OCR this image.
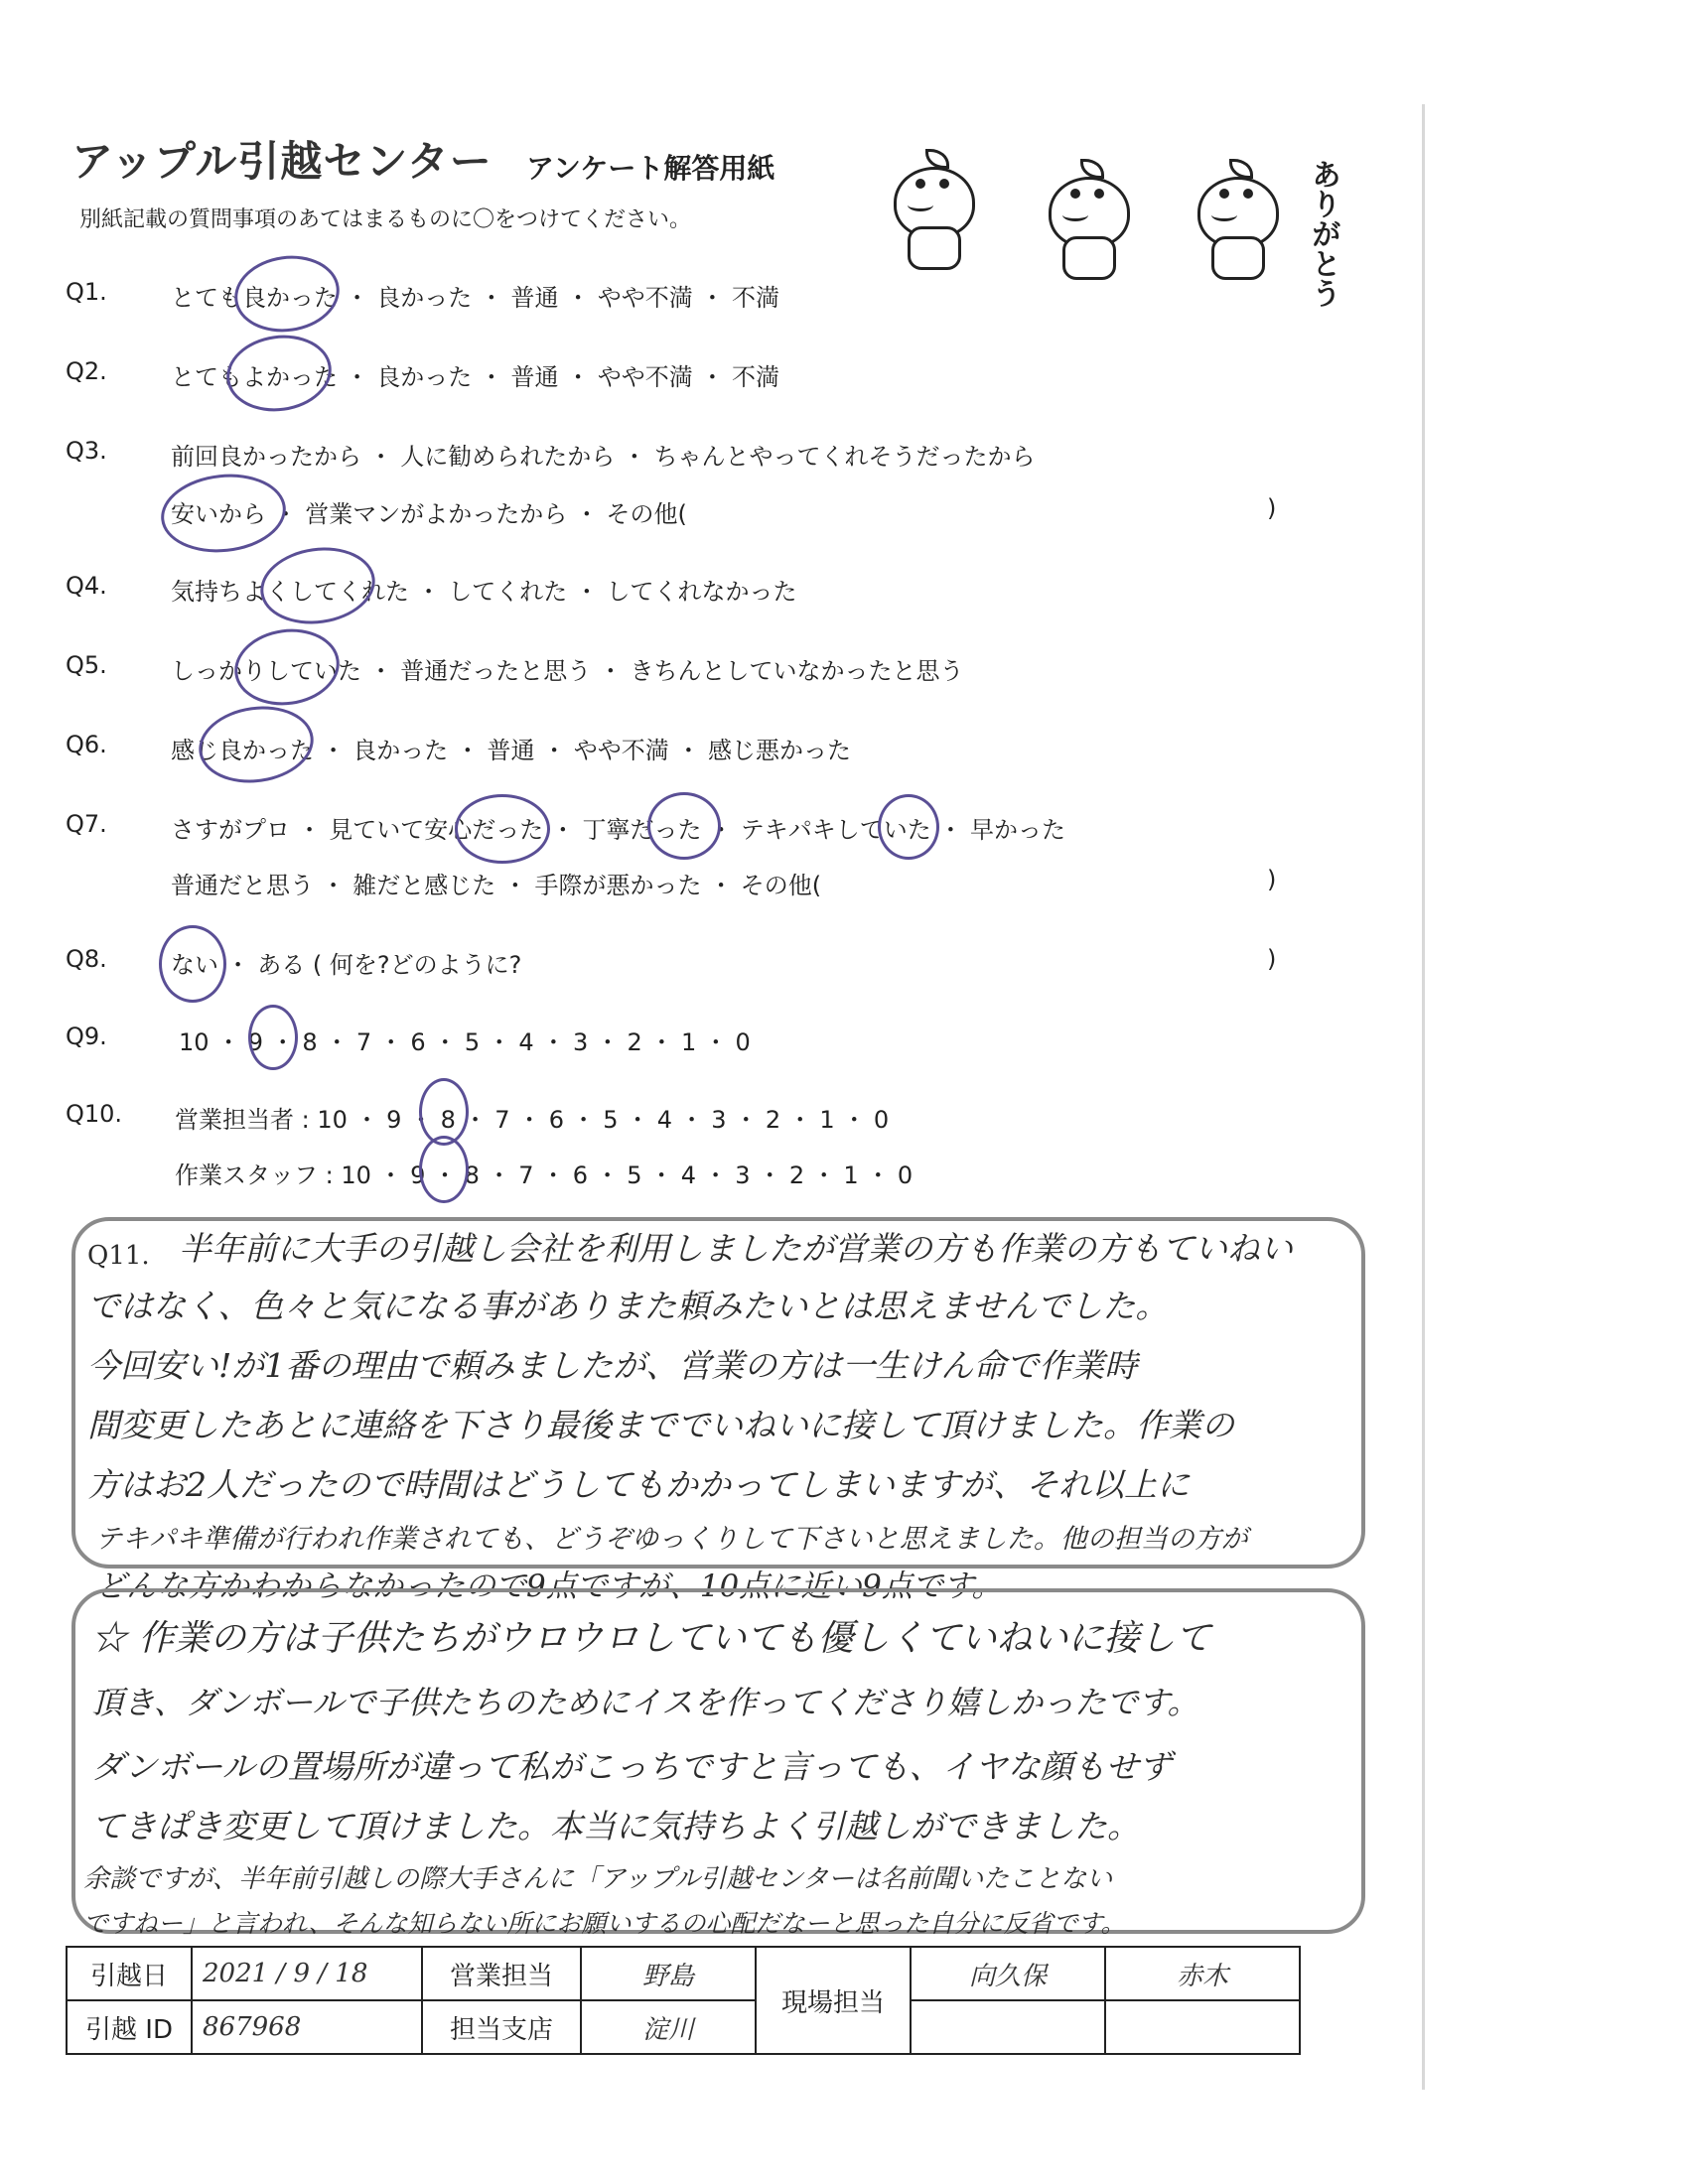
アップル引越センター アンケート解答用紙
別紙記載の質問事項のあてはまるものに〇をつけてください。	ありがとう
Q1.	とても良かった ・ 良かった ・ 普通 ・ やや不満 ・ 不満
Q2.	とてもよかった ・ 良かった ・ 普通 ・ やや不満 ・ 不満
Q3.	前回良かったから ・ 人に勧められたから ・ ちゃんとやってくれそうだったから
安いから ・ 営業マンがよかったから ・ その他(	)
Q4.	気持ちよくしてくれた ・ してくれた ・ してくれなかった
Q5.	しっかりしていた ・ 普通だったと思う ・ きちんとしていなかったと思う
Q6.	感じ良かった ・ 良かった ・ 普通 ・ やや不満 ・ 感じ悪かった
Q7.	さすがプロ ・ 見ていて安心だった ・ 丁寧だった ・ テキパキしていた ・ 早かった
普通だと思う ・ 雑だと感じた ・ 手際が悪かった ・ その他(	)
Q8.	ない ・ ある ( 何を?どのように?	)
Q9.	10 ・ 9 ・ 8 ・ 7 ・ 6 ・ 5 ・ 4 ・ 3 ・ 2 ・ 1 ・ 0
Q10. 営業担当者 : 10 ・ 9 ・ 8 ・ 7 ・ 6 ・ 5 ・ 4 ・ 3 ・ 2 ・ 1 ・ 0
作業スタッフ : 10 ・ 9 ・ 8 ・ 7 ・ 6 ・ 5 ・ 4 ・ 3 ・ 2 ・ 1 ・ 0
Q11. 半年前に大手の引越し会社を利用しましたが営業の方も作業の方もていねい
ではなく、色々と気になる事がありまた頼みたいとは思えませんでした。
今回安い!が1番の理由で頼みましたが、営業の方は一生けん命で作業時
間変更したあとに連絡を下さり最後まででいねいに接して頂けました。作業の
方はお2人だったので時間はどうしてもかかってしまいますが、それ以上に
テキパキ準備が行われ作業されても、どうぞゆっくりして下さいと思えました。他の担当の方が
どんな方かわからなかったので9点ですが、10点に近い9点です。
☆ 作業の方は子供たちがウロウロしていても優しくていねいに接して
頂き、ダンボールで子供たちのためにイスを作ってくださり嬉しかったです。
ダンボールの置場所が違って私がこっちですと言っても、イヤな顔もせず
てきぱき変更して頂けました。本当に気持ちよく引越しができました。
余談ですが、半年前引越しの際大手さんに「アップル引越センターは名前聞いたことない
ですねー」と言われ、そんな知らない所にお願いするの心配だなーと思った自分に反省です。
引越日	2021 / 9 / 18	営業担当	野島	現場担当	向久保	赤木
引越 ID	867968	担当支店	淀川			
